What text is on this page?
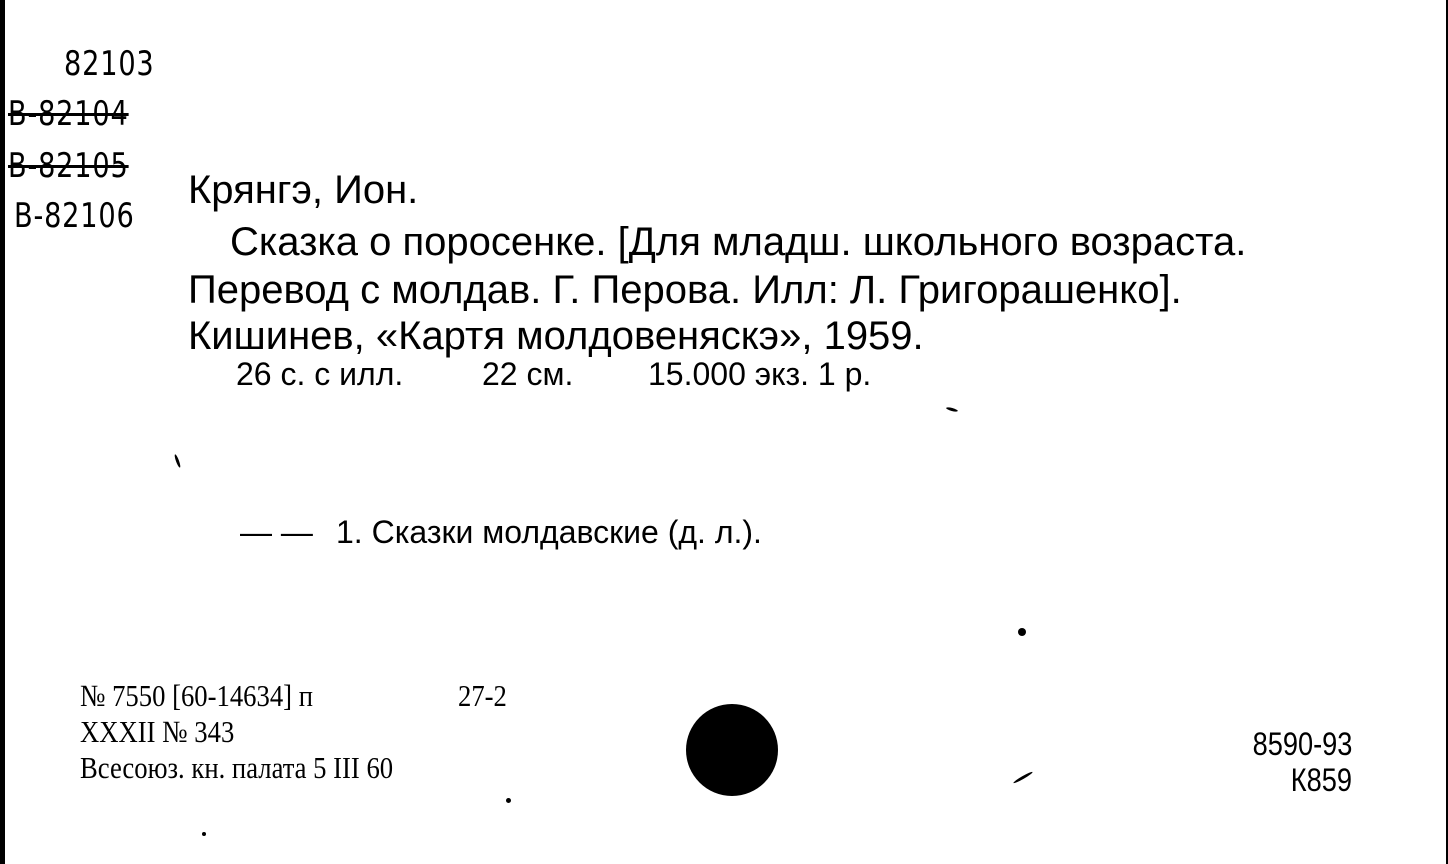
82103
B-82104
B-82105
B-82106
Крянгэ, Ион.
Сказка о поросенке. [Для младш. школьного возраста.
Перевод с молдав. Г. Перова. Илл: Л. Григорашенко].
Кишинев, «Картя молдовеняскэ», 1959.
26 с. с илл. 22 см. 15.000 экз. 1 р.
— — 1. Сказки молдавские (д. л.).
№ 7550 [60-14634] п	27-2
XXXII № 343
Всесоюз. кн. палата 5 III 60
8590-93
К859
